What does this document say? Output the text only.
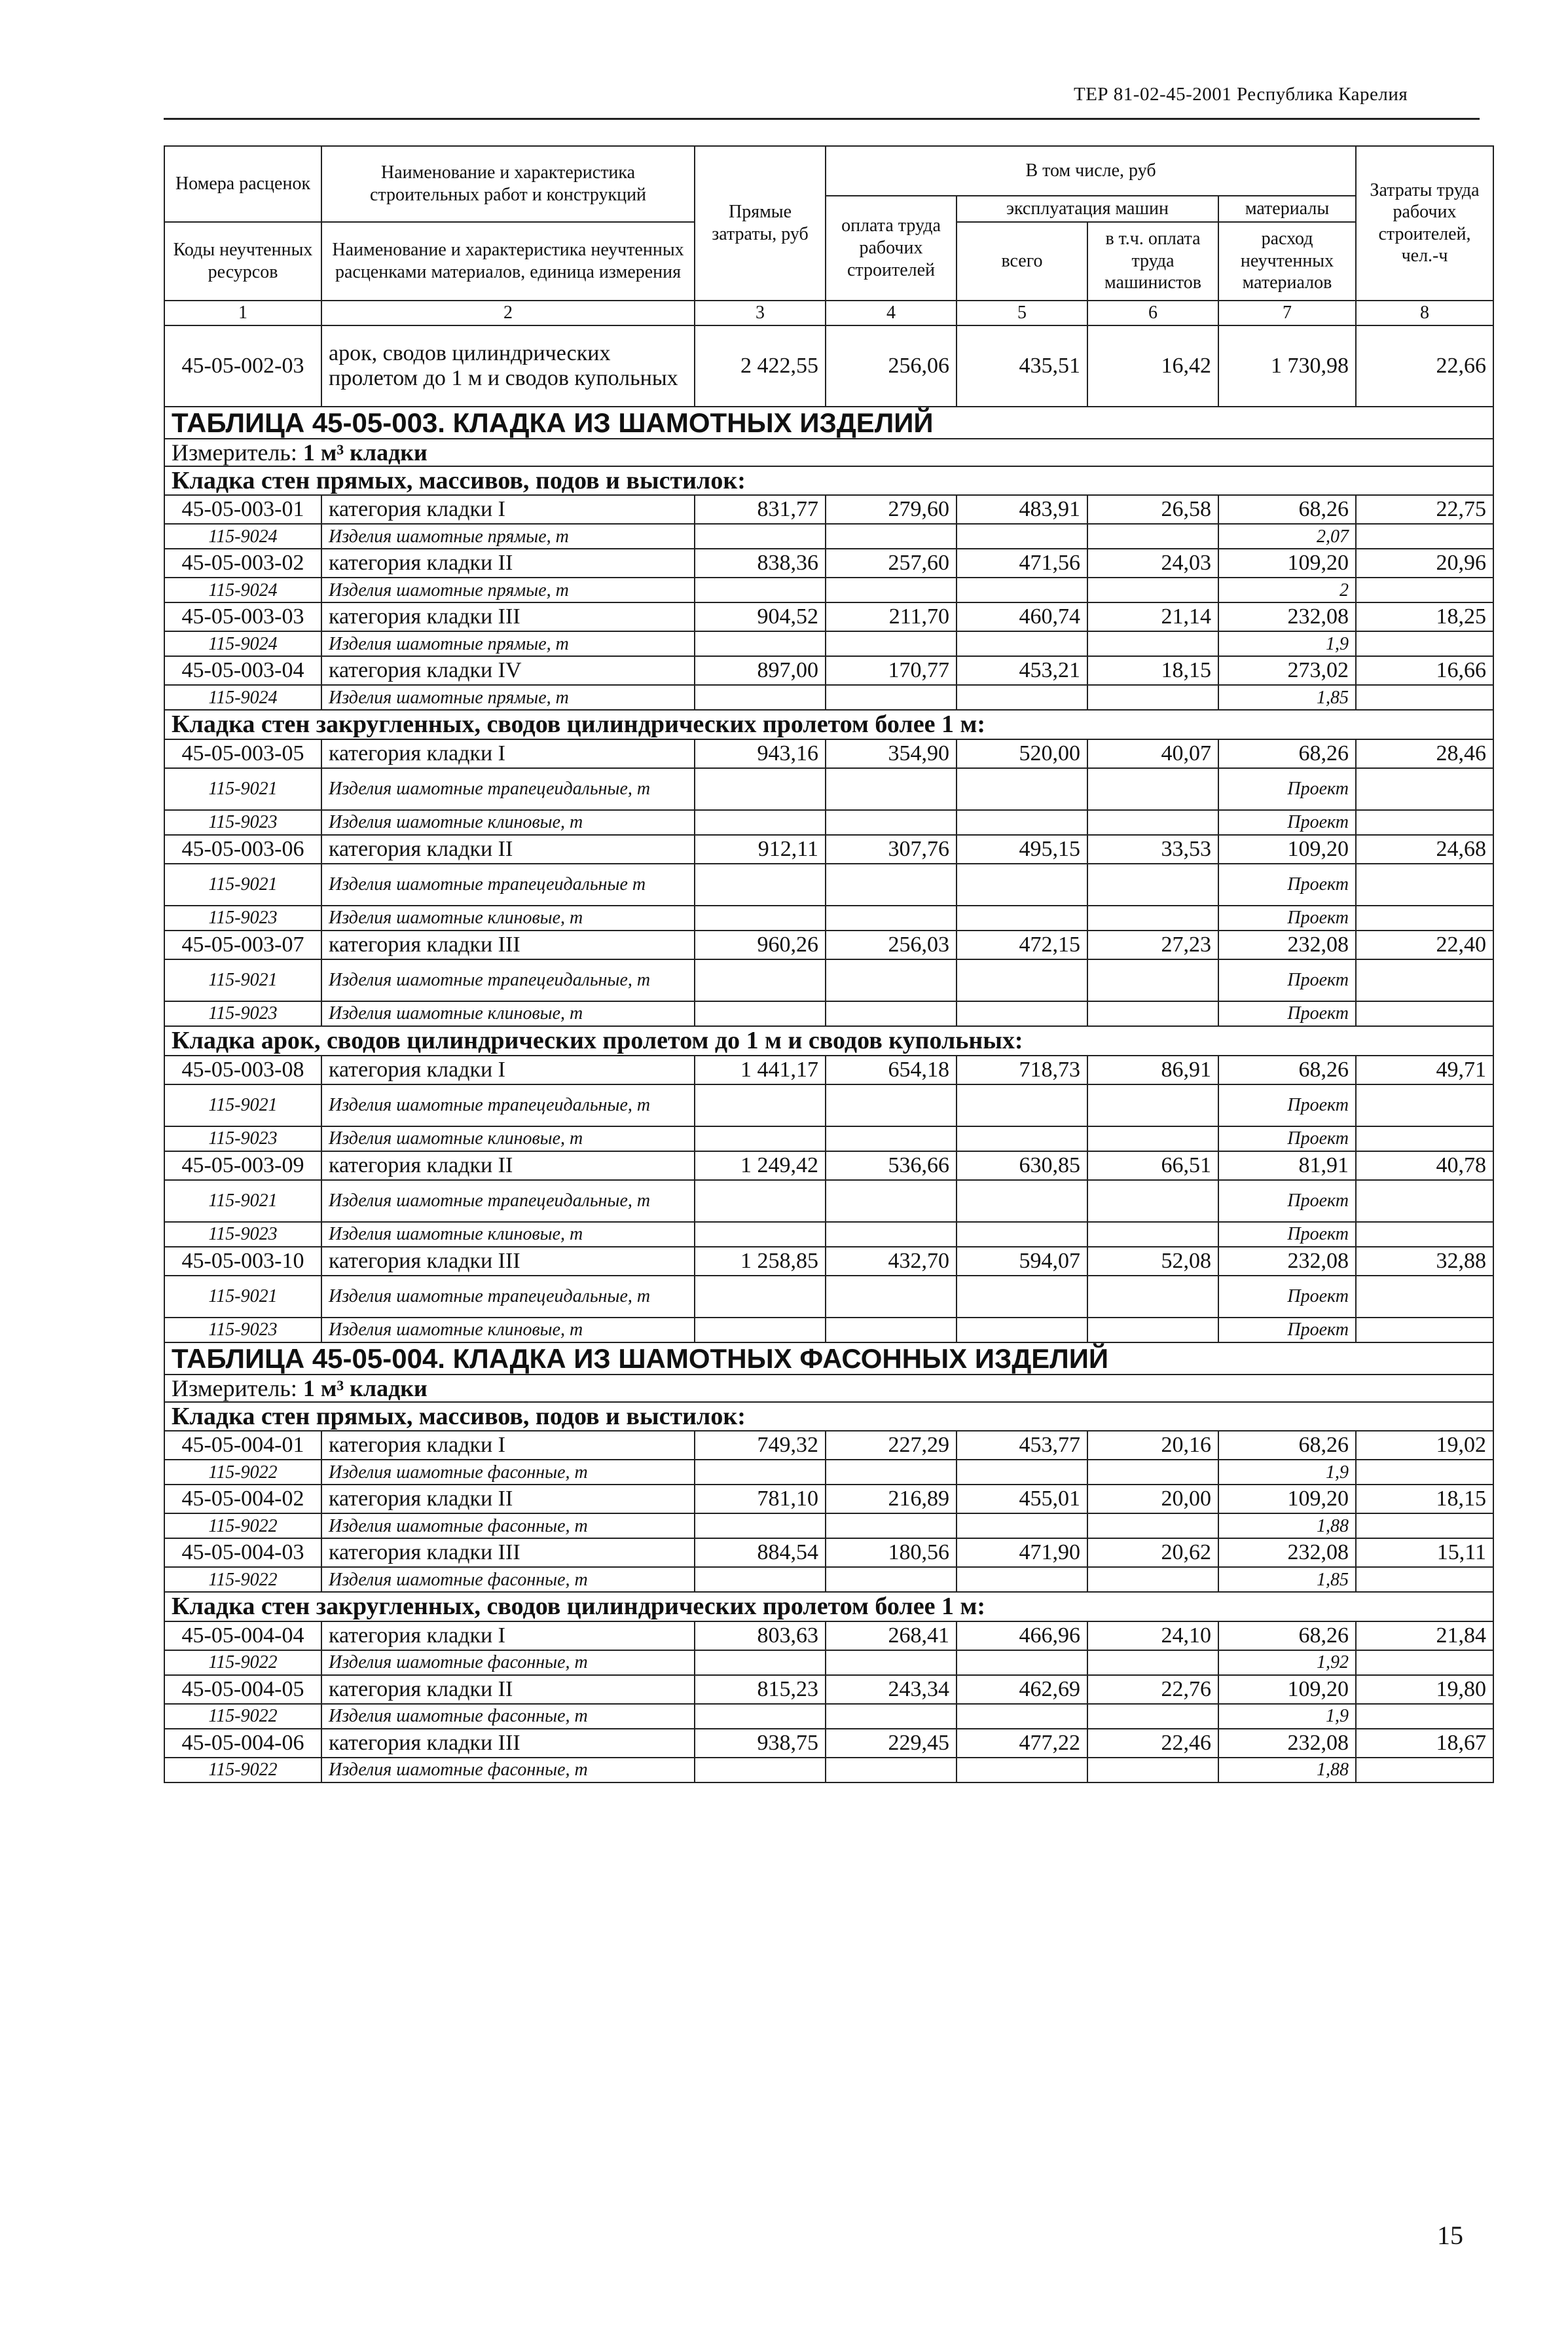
ТЕР 81-02-45-2001 Республика Карелия
Номера расценок	Наименование и характеристика строительных работ и конструкций	Прямые затраты, руб	В том числе, руб				Затраты труда рабочих строителей, чел.-ч
			оплата труда рабочих строителей	эксплуатация машин		материалы	
Коды неучтенных ресурсов	Наименование и характеристика неучтенных расценками материалов, единица измерения			всего	в т.ч. оплата труда машинистов	расход неучтенных материалов	

1	2	3	4	5	6	7	8
45-05-002-03	арок, сводов цилиндрических пролетом до 1 м и сводов купольных	2 422,55	256,06	435,51	16,42	1 730,98	22,66
ТАБЛИЦА 45-05-003. КЛАДКА ИЗ ШАМОТНЫХ ИЗДЕЛИЙ							
Измеритель: 1 м³ кладки							
Кладка стен прямых, массивов, подов и выстилок:							
45-05-003-01	категория кладки I	831,77	279,60	483,91	26,58	68,26	22,75
115-9024	Изделия шамотные прямые, т					2,07	
45-05-003-02	категория кладки II	838,36	257,60	471,56	24,03	109,20	20,96
115-9024	Изделия шамотные прямые, т					2	
45-05-003-03	категория кладки III	904,52	211,70	460,74	21,14	232,08	18,25
115-9024	Изделия шамотные прямые, т					1,9	
45-05-003-04	категория кладки IV	897,00	170,77	453,21	18,15	273,02	16,66
115-9024	Изделия шамотные прямые, т					1,85	
Кладка стен закругленных, сводов цилиндрических пролетом более 1 м:							
45-05-003-05	категория кладки I	943,16	354,90	520,00	40,07	68,26	28,46
115-9021	Изделия шамотные трапецеидальные, т					Проект	
115-9023	Изделия шамотные клиновые, т					Проект	
45-05-003-06	категория кладки II	912,11	307,76	495,15	33,53	109,20	24,68
115-9021	Изделия шамотные трапецеидальные т					Проект	
115-9023	Изделия шамотные клиновые, т					Проект	
45-05-003-07	категория кладки III	960,26	256,03	472,15	27,23	232,08	22,40
115-9021	Изделия шамотные трапецеидальные, т					Проект	
115-9023	Изделия шамотные клиновые, т					Проект	
Кладка арок, сводов цилиндрических пролетом до 1 м и сводов купольных:							
45-05-003-08	категория кладки I	1 441,17	654,18	718,73	86,91	68,26	49,71
115-9021	Изделия шамотные трапецеидальные, т					Проект	
115-9023	Изделия шамотные клиновые, т					Проект	
45-05-003-09	категория кладки II	1 249,42	536,66	630,85	66,51	81,91	40,78
115-9021	Изделия шамотные трапецеидальные, т					Проект	
115-9023	Изделия шамотные клиновые, т					Проект	
45-05-003-10	категория кладки III	1 258,85	432,70	594,07	52,08	232,08	32,88
115-9021	Изделия шамотные трапецеидальные, т					Проект	
115-9023	Изделия шамотные клиновые, т					Проект	
ТАБЛИЦА 45-05-004. КЛАДКА ИЗ ШАМОТНЫХ ФАСОННЫХ ИЗДЕЛИЙ							
Измеритель: 1 м³ кладки							
Кладка стен прямых, массивов, подов и выстилок:							
45-05-004-01	категория кладки I	749,32	227,29	453,77	20,16	68,26	19,02
115-9022	Изделия шамотные фасонные, т					1,9	
45-05-004-02	категория кладки II	781,10	216,89	455,01	20,00	109,20	18,15
115-9022	Изделия шамотные фасонные, т					1,88	
45-05-004-03	категория кладки III	884,54	180,56	471,90	20,62	232,08	15,11
115-9022	Изделия шамотные фасонные, т					1,85	
Кладка стен закругленных, сводов цилиндрических пролетом более 1 м:							
45-05-004-04	категория кладки I	803,63	268,41	466,96	24,10	68,26	21,84
115-9022	Изделия шамотные фасонные, т					1,92	
45-05-004-05	категория кладки II	815,23	243,34	462,69	22,76	109,20	19,80
115-9022	Изделия шамотные фасонные, т					1,9	
45-05-004-06	категория кладки III	938,75	229,45	477,22	22,46	232,08	18,67
115-9022	Изделия шамотные фасонные, т					1,88	
15
